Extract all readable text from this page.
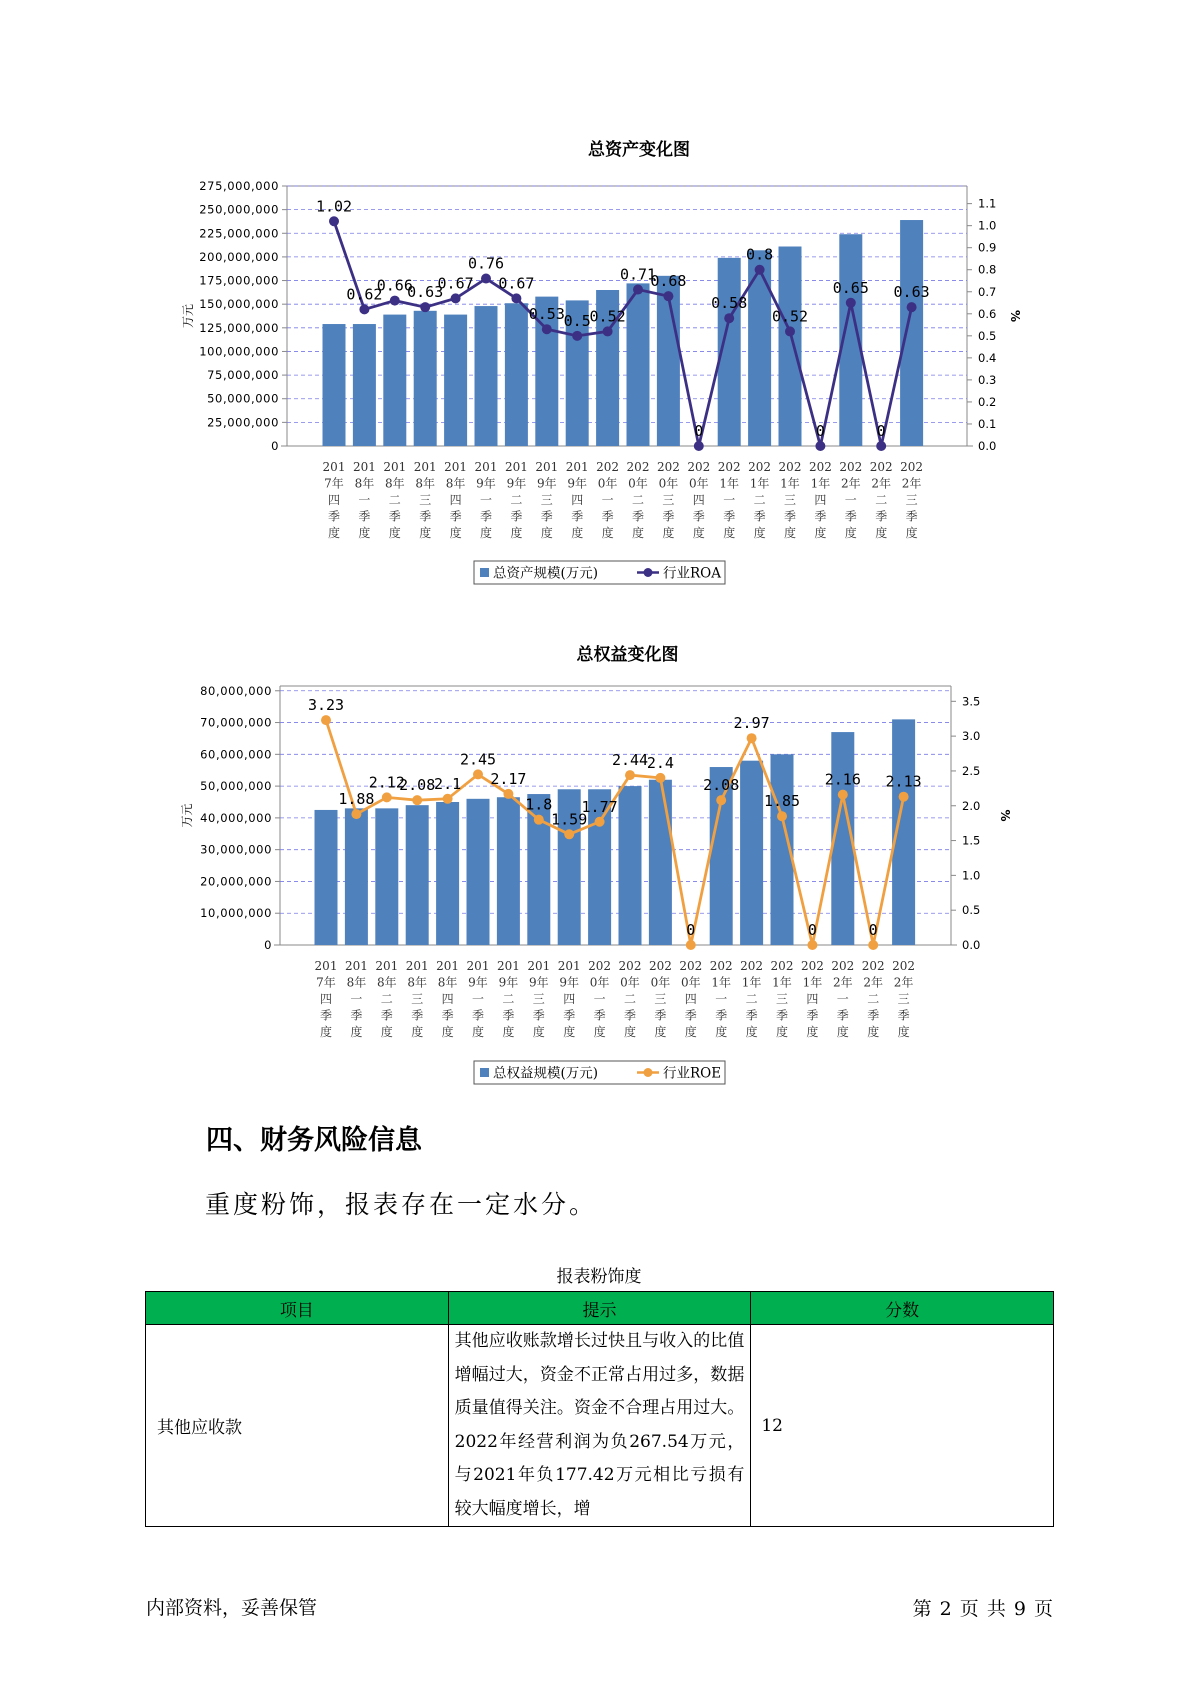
总资产变化图
0
25,000,000
50,000,000
75,000,000
100,000,000
125,000,000
150,000,000
175,000,000
200,000,000
225,000,000
250,000,000
275,000,000
0.0
0.1
0.2
0.3
0.4
0.5
0.6
0.7
0.8
0.9
1.0
1.1
万元	%
201 7年四季度
201 8年一季度
201 8年二季度
201 8年三季度
201 8年四季度
201 9年一季度
201 9年二季度
201 9年三季度
201 9年四季度
202 0年一季度
202 0年二季度
202 0年三季度
202 0年四季度
202 1年一季度
202 1年二季度
202 1年三季度
202 1年四季度
202 2年一季度
202 2年二季度
202 2年三季度
1.02
0.62
0.66
0.63
0.67
0.76
0.67
0.53
0.5
0.52
0.71
0.68
0
0.58
0.8
0.52
0
0.65
0
0.63
总资产规模(万元)	行业ROA
总权益变化图
0
10,000,000
20,000,000
30,000,000
40,000,000
50,000,000
60,000,000
70,000,000
80,000,000
0.0
0.5
1.0
1.5
2.0
2.5
3.0
3.5
万元	%
201 7年四季度
201 8年一季度
201 8年二季度
201 8年三季度
201 8年四季度
201 9年一季度
201 9年二季度
201 9年三季度
201 9年四季度
202 0年一季度
202 0年二季度
202 0年三季度
202 0年四季度
202 1年一季度
202 1年二季度
202 1年三季度
202 1年四季度
202 2年一季度
202 2年二季度
202 2年三季度
3.23
1.88
2.12
2.08
2.1
2.45
2.17
1.8
1.59
1.77
2.44
2.4
0
2.08
2.97
1.85
0
2.16
0
2.13
总权益规模(万元)	行业ROE
四、财务风险信息

重度粉饰，报表存在一定水分。

报表粉饰度
项目	提示	分数
其他应收款	其他应收账款增长过快且与收入的比值增幅过大，资金不正常占用过多，数据质量值得关注。资金不合理占用过大。2022年经营利润为负267.54万元，与2021年负177.42万元相比亏损有较大幅度增长，增	12
内部资料，妥善保管	第 2 页 共 9 页
